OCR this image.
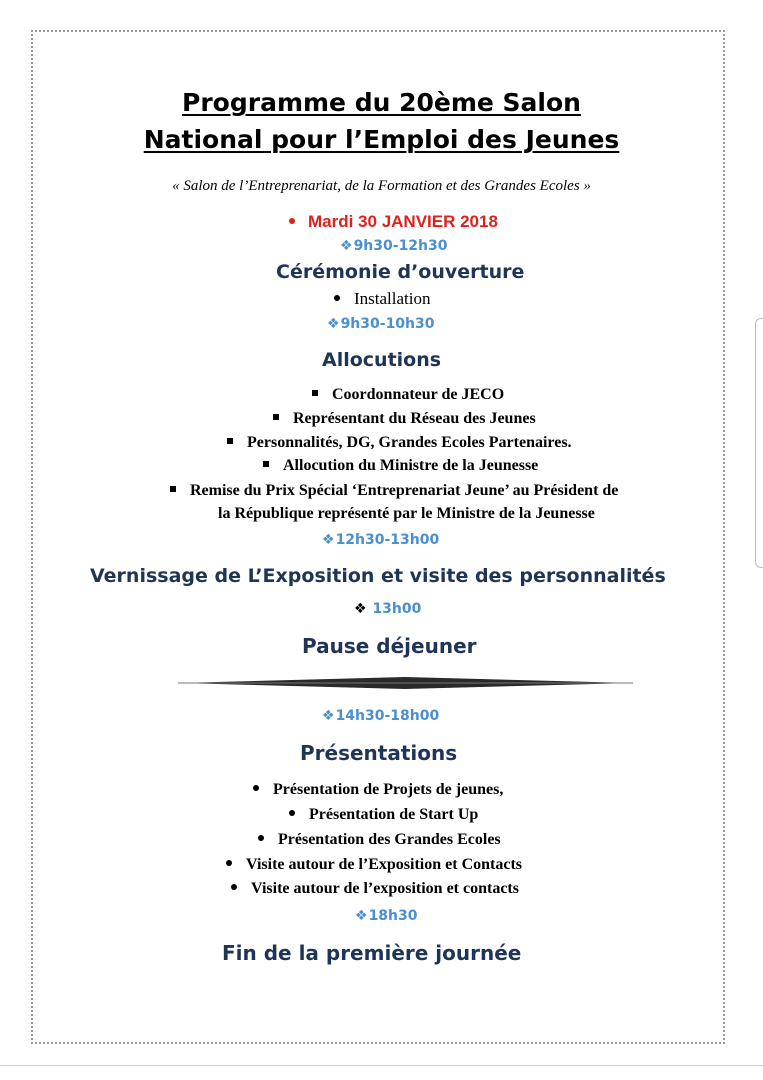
Programme du 20ème Salon
National pour l’Emploi des Jeunes
« Salon de l’Entreprenariat, de la Formation et des Grandes Ecoles »
Mardi 30 JANVIER 2018
❖9h30-12h30
Cérémonie d’ouverture
Installation
❖9h30-10h30
Allocutions
Coordonnateur de JECO
Représentant du Réseau des Jeunes
Personnalités, DG, Grandes Ecoles Partenaires.
Allocution du Ministre de la Jeunesse
Remise du Prix Spécial ‘Entreprenariat Jeune’ au Président de
la République représenté par le Ministre de la Jeunesse
❖12h30-13h00
Vernissage de L’Exposition et visite des personnalités
❖ 13h00
Pause déjeuner
❖14h30-18h00
Présentations
Présentation de Projets de jeunes,
Présentation de Start Up
Présentation des Grandes Ecoles
Visite autour de l’Exposition et Contacts
Visite autour de l’exposition et contacts
❖18h30
Fin de la première journée
